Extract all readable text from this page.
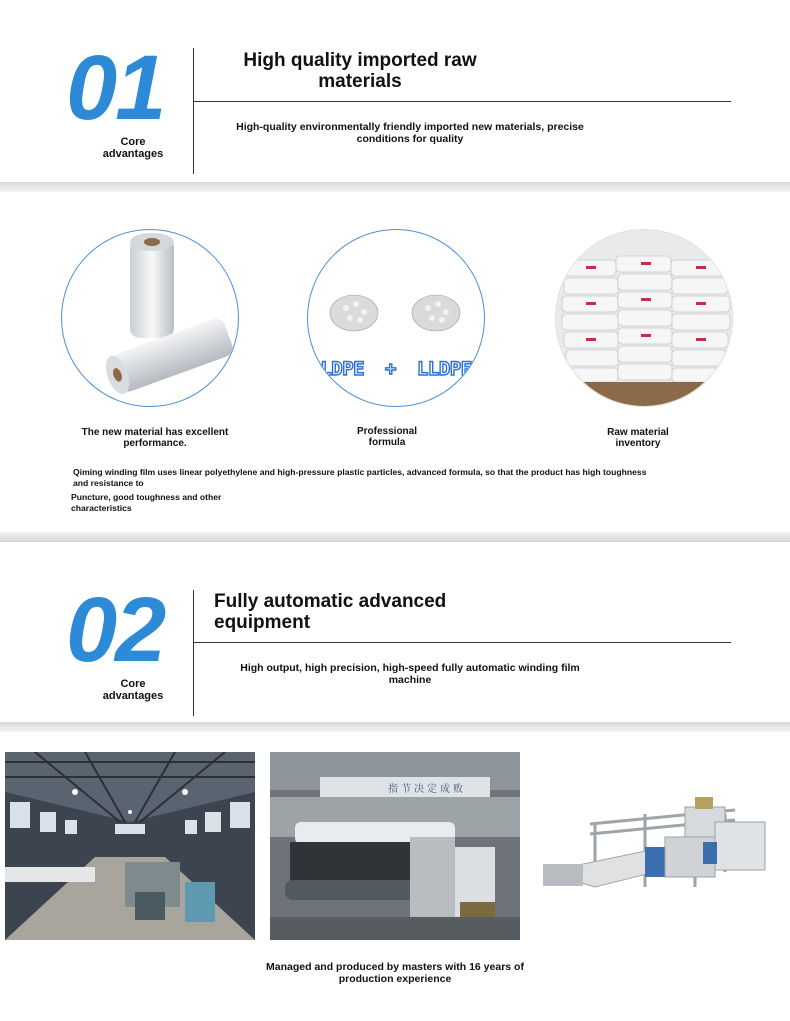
01
Core
advantages
High quality imported raw
materials
High-quality environmentally friendly imported new materials, precise
conditions for quality
LDPE + LLDPE
The new material has excellent
performance.
Professional
formula
Raw material
inventory
Qiming winding film uses linear polyethylene and high-pressure plastic particles, advanced formula, so that the product has high toughness
and resistance to
Puncture, good toughness and other
characteristics
02
Core
advantages
Fully automatic advanced
equipment
High output, high precision, high-speed fully automatic winding film
machine
指节决定成败
Managed and produced by masters with 16 years of
production experience
